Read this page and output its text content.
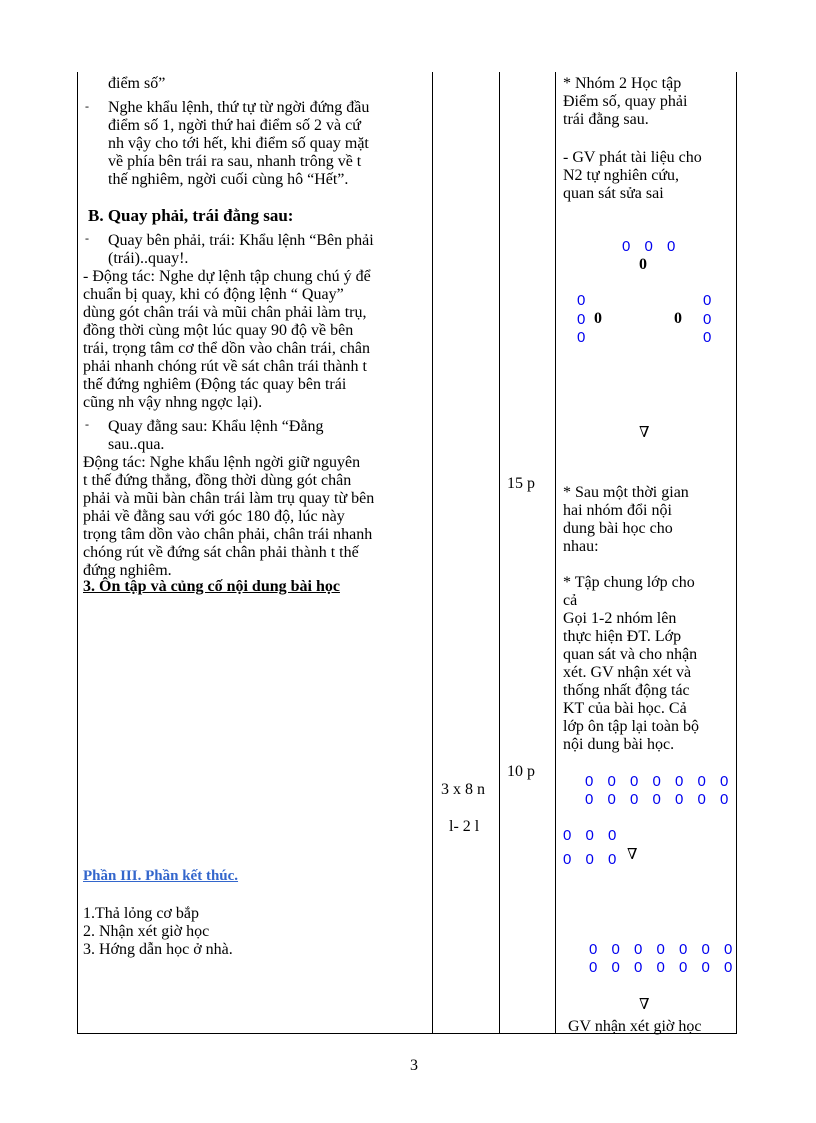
điểm số”
- Nghe khẩu lệnh, thứ tự từ ngời đứng đầu
điểm số 1, ngời thứ hai điểm số 2 và cứ
nh vậy cho tới hết, khi điểm số quay mặt
về phía bên trái ra sau, nhanh trông về t
thế nghiêm, ngời cuối cùng hô “Hết”.
B. Quay phải, trái đằng sau:
- Quay bên phải, trái: Khẩu lệnh “Bên phải
(trái)..quay!.
- Động tác: Nghe dự lệnh tập chung chú ý để
chuẩn bị quay, khi có động lệnh “ Quay”
dùng gót chân trái và mũi chân phải làm trụ,
đồng thời cùng một lúc quay 90 độ về bên
trái, trọng tâm cơ thể dồn vào chân trái, chân
phải nhanh chóng rút về sát chân trái thành t
thế đứng nghiêm (Động tác quay bên trái
cũng nh vậy nhng ngợc lại).
- Quay đằng sau: Khẩu lệnh “Đằng
sau..qua.
Động tác: Nghe khẩu lệnh ngời giữ nguyên
t thế đứng thẳng, đồng thời dùng gót chân
phải và mũi bàn chân trái làm trụ quay từ bên
phải về đằng sau với góc 180 độ, lúc này
trọng tâm dồn vào chân phải, chân trái nhanh
chóng rút về đứng sát chân phải thành t thế
đứng nghiêm.
3. Ôn tập và củng cố nội dung bài học
Phần III. Phần kết thúc.
1.Thả lỏng cơ bắp
2. Nhận xét giờ học
3. Hớng dẫn học ở nhà.
3 x 8 n
l- 2 l
15 p
10 p
* Nhóm 2 Học tập
Điểm số, quay phải
trái đằng sau.
- GV phát tài liệu cho
N2 tự nghiên cứu,
quan sát sửa sai
0 0 0
0
0
0
0
0	0
0
0
0
∇
* Sau một thời gian
hai nhóm đổi nội
dung bài học cho
nhau:
* Tập chung lớp cho
cả
Gọi 1-2 nhóm lên
thực hiện ĐT. Lớp
quan sát và cho nhận
xét. GV nhận xét và
thống nhất động tác
KT của bài học. Cả
lớp ôn tập lại toàn bộ
nội dung bài học.
0 0 0 0 0 0 0
0 0 0 0 0 0 0
0 0 0
0 0 0 ∇
0 0 0 0 0 0 0
0 0 0 0 0 0 0
∇
GV nhận xét giờ học
3
